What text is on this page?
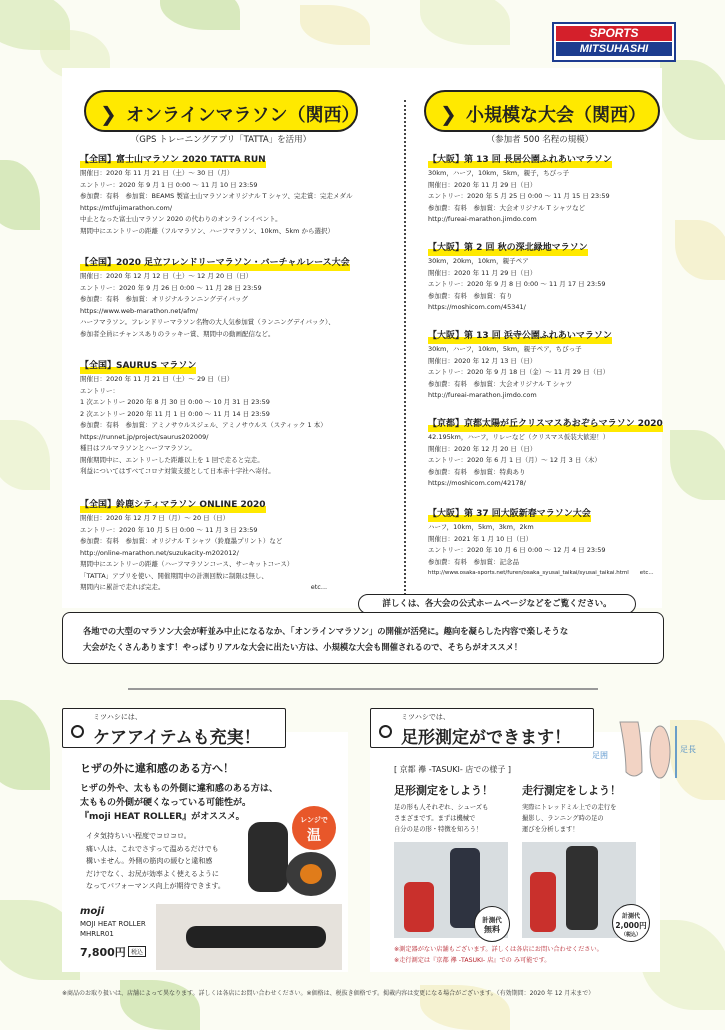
SPORTS
MITSUHASHI
❯ オンラインマラソン（関西）
（GPS トレーニングアプリ「TATTA」を活用）
❯ 小規模な大会（関西）
（参加者 500 名程の規模）
【全国】富士山マラソン 2020 TATTA RUN
開催日：2020 年 11 月 21 日（土）～ 30 日（月）
エントリー：2020 年 9 月 1 日 0:00 ～ 11 月 10 日 23:59
参加費：有料　参加賞：BEAMS 製富士山マラソンオリジナル T シャツ、完走賞：完走メダル
https://mtfujimarathon.com/
中止となった富士山マラソン 2020 の代わりのオンラインイベント。
期間中にエントリーの距離（フルマラソン、ハーフマラソン、10km、5km から選択）
【全国】2020 足立フレンドリーマラソン・バーチャルレース大会
開催日：2020 年 12 月 12 日（土）～ 12 月 20 日（日）
エントリー：2020 年 9 月 26 日 0:00 ～ 11 月 28 日 23:59
参加費：有料　参加賞：オリジナルランニングデイバッグ
https://www.web-marathon.net/afm/
ハーフマラソン。フレンドリーマラソン名物の大人気参加賞（ランニングデイバック）、
参加者全員にチャンスありのラッキー賞、期間中の動画配信など。
【全国】SAURUS マラソン
開催日：2020 年 11 月 21 日（土）～ 29 日（日）
エントリー：
1 次エントリー 2020 年 8 月 30 日 0:00 ～ 10 月 31 日 23:59
2 次エントリー 2020 年 11 月 1 日 0:00 ～ 11 月 14 日 23:59
参加費：有料　参加賞：アミノサウルスジェル、アミノサウルス（スティック 1 本）
https://runnet.jp/project/saurus202009/
種目はフルマラソンとハーフマラソン。
開催期間中に、エントリーした距離以上を 1 回で走ると完走。
利益についてはすべてコロナ対策支援として日本赤十字社へ寄付。
【全国】鈴鹿シティマラソン ONLINE 2020
開催日：2020 年 12 月 7 日（月）～ 20 日（日）
エントリー：2020 年 10 月 5 日 0:00 ～ 11 月 3 日 23:59
参加費：有料　参加賞：オリジナル T シャツ（鈴鹿墨プリント）など
http://online-marathon.net/suzukacity-m202012/
期間中にエントリーの距離（ハーフマラソンコース、サーキットコース）
「TATTA」アプリを使い、開催期間中の計測回数に制限は無し、
期間内に累計で走れば完走。　　　　　　　　　　　　　　　　　　　　　　　etc...
【大阪】第 13 回 長居公園ふれあいマラソン
30km，ハーフ，10km，5km，親子，ちびっ子
開催日：2020 年 11 月 29 日（日）
エントリー：2020 年 5 月 25 日 0:00 ～ 11 月 15 日 23:59
参加費：有料　参加賞：大会オリジナル T シャツなど
http://fureai-marathon.jimdo.com
【大阪】第 2 回 秋の深北緑地マラソン
30km，20km，10km，親子ペア
開催日：2020 年 11 月 29 日（日）
エントリー：2020 年 9 月 8 日 0:00 ～ 11 月 17 日 23:59
参加費：有料　参加賞：有り
https://moshicom.com/45341/
【大阪】第 13 回 浜寺公園ふれあいマラソン
30km，ハーフ，10km，5km，親子ペア，ちびっ子
開催日：2020 年 12 月 13 日（日）
エントリー：2020 年 9 月 18 日（金）～ 11 月 29 日（日）
参加費：有料　参加賞：大会オリジナル T シャツ
http://fureai-marathon.jimdo.com
【京都】京都太陽が丘クリスマスあおぞらマラソン 2020
42.195km，ハーフ，リレーなど（クリスマス仮装大歓迎！）
開催日：2020 年 12 月 20 日（日）
エントリー：2020 年 6 月 1 日（月）～ 12 月 3 日（木）
参加費：有料　参加賞：特典あり
https://moshicom.com/42178/
【大阪】第 37 回大阪新春マラソン大会
ハーフ，10km，5km，3km，2km
開催日：2021 年 1 月 10 日（日）
エントリー：2020 年 10 月 6 日 0:00 ～ 12 月 4 日 23:59
参加費：有料　参加賞：記念品
http://www.osaka-sports.net/furen/osaka_syusai_taikai/syusai_taikai.html　　etc...
詳しくは、各大会の公式ホームページなどをご覧ください。
各地での大型のマラソン大会が軒並み中止になるなか、「オンラインマラソン」の開催が活発に。趣向を凝らした内容で楽しそうな
大会がたくさんあります！やっぱりリアルな大会に出たい方は、小規模な大会も開催されるので、そちらがオススメ！
ミツハシには、
ケアアイテムも充実！
ヒザの外に違和感のある方へ！
ヒザの外や、太ももの外側に違和感のある方は、
太ももの外側が硬くなっている可能性が。
『moji HEAT ROLLER』がオススメ。
イタ気持ちいい程度でコロコロ。
痛い人は、これでさすって温めるだけでも
構いません。外側の筋肉の緩むと違和感
だけでなく、お尻が効率よく使えるように
なってパフォーマンス向上が期待できます。
レンジで
温
moji
MOJI HEAT ROLLER
MHRLR01
7,800円 税込
ミツハシでは、
足形測定ができます！
足囲
足長
[ 京都 襷 -TASUKI- 店での様子 ]
足形測定をしよう！
足の形も人それぞれ、シューズも
さまざまです。まずは機械で
自分の足の形・特徴を知ろう！
走行測定をしよう！
実際にトレッドミル上での走行を
撮影し、ランニング時の足の
運びを分析します！
計測代
無料
計測代
2,000円
（税込）
※測定器がない店舗もございます。詳しくは各店にお問い合わせください。
※走行測定は『京都 襷 -TASUKI- 店』での み可能です。
※商品のお取り扱いは、店舗によって異なります。詳しくは各店にお問い合わせください。※価格は、税抜き価格です。掲載内容は変更になる場合がございます。（有効期間：2020 年 12 月末まで）
